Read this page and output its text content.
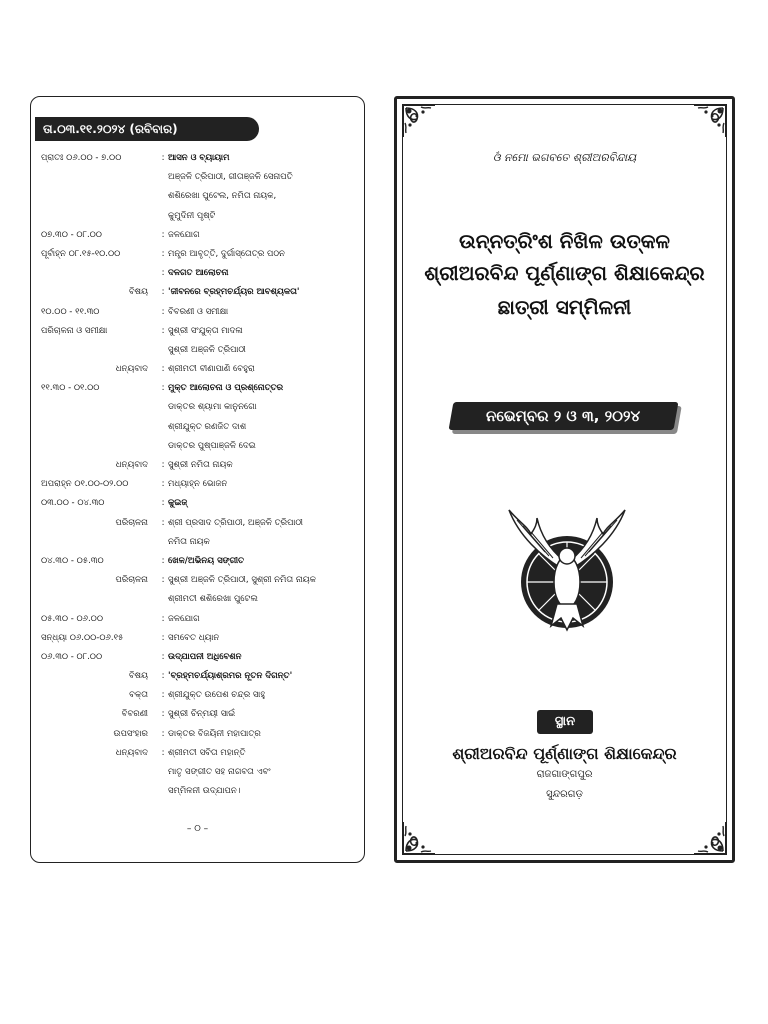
ତା.୦୩.୧୧.୨୦୨୪ (ରବିବାର)
ପ୍ରାତଃ ୦୬.୦୦ - ୭.୦୦	: ଆସନ ଓ ବ୍ୟାୟାମ
ଅଞ୍ଜଳି ତ୍ରିପାଠୀ, ଗୀତାଞ୍ଜଳି ସେନାପତି
ଶଶିରେଖା ପୁଟେଲ, ନମିତା ନାୟକ,
କୁମୁଦିନୀ ପୃଷ୍ଟି
୦୭.୩୦ - ୦୮.୦୦	: ଜଳଯୋଗ
ପୂର୍ବାହ୍ନ ୦୮.୧୫-୧୦.୦୦	: ମନ୍ତ୍ର ଆବୃତ୍ତି, ଦୁର୍ଗାସ୍ତୋତ୍ର ପଠନ
: ଦଳଗତ ଆଲୋଚନା
ବିଷୟ	: 'ଜୀବନରେ ବ୍ରହ୍ମଚର୍ଯ୍ୟର ଆବଶ୍ୟକତା'
୧୦.୦୦ - ୧୧.୩୦	: ବିବରଣୀ ଓ ସମୀକ୍ଷା
ପରିଚାଳନା ଓ ସମୀକ୍ଷା	: ସୁଶ୍ରୀ ସଂଯୁକ୍ତା ମାଦଳା
ସୁଶ୍ରୀ ଅଞ୍ଜଳି ତ୍ରିପାଠୀ
ଧନ୍ୟବାଦ	: ଶ୍ରୀମତୀ ବୀଣାପାଣି ବେହୁରା
୧୧.୩୦ - ୦୧.୦୦	: ମୁକ୍ତ ଆଲୋଚନା ଓ ପ୍ରଶ୍ନୋତ୍ତର
ଡାକ୍ତର ଶ୍ୟାମା କାନୁନଗୋ
ଶ୍ରୀଯୁକ୍ତ ରଣଜିତ ଦାଶ
ଡାକ୍ତର ପୁଷ୍ପାଞ୍ଜଳି ଦେଇ
ଧନ୍ୟବାଦ	: ସୁଶ୍ରୀ ନମିତା ନାୟକ
ଅପରାହ୍ନ ୦୧.୦୦-୦୨.୦୦	: ମଧ୍ୟାହ୍ନ ଭୋଜନ
୦୩.୦୦ - ୦୪.୩୦	: କୁଇଜ୍
ପରିଚାଳନା	: ଶ୍ରୀ ପ୍ରସାଦ ତ୍ରିପାଠୀ, ଅଞ୍ଜଳି ତ୍ରିପାଠୀ
ନମିତା ନାୟକ
୦୪.୩୦ - ୦୫.୩୦	: ଖେଳ/ଅଭିନୟ ସଙ୍ଗୀତ
ପରିଚାଳନା	: ସୁଶ୍ରୀ ଅଞ୍ଜଳି ତ୍ରିପାଠୀ, ସୁଶ୍ରୀ ନମିତା ନାୟକ
ଶ୍ରୀମତୀ ଶଶିରେଖା ପୁଟେଲ
୦୫.୩୦ - ୦୬.୦୦	: ଜଳଯୋଗ
ସନ୍ଧ୍ୟା ୦୬.୦୦-୦୬.୧୫	: ସମବେତ ଧ୍ୟାନ
୦୬.୩୦ - ୦୮.୦୦	: ଉଦ୍‌ଯାପନୀ ଅଧିବେଶନ
ବିଷୟ	: 'ବ୍ରହ୍ମଚର୍ଯ୍ୟାଶ୍ରମର ନୂତନ ଦିଗନ୍ତ'
ବକ୍ତା	: ଶ୍ରୀଯୁକ୍ତ ଉପେଶ ଚନ୍ଦ୍ର ସାହୁ
ବିବରଣୀ	: ସୁଶ୍ରୀ ଚିନ୍ମୟୀ ସାଇଁ
ଉପସଂହାର	: ଡାକ୍ତର ବିଜୟିନୀ ମହାପାତ୍ର
ଧନ୍ୟବାଦ	: ଶ୍ରୀମତୀ ସବିତା ମହାନ୍ତି
ମାତୃ ସଙ୍ଗୀତ ସହ ନାଗବତା ଏବଂ
ସମ୍ମିଳନୀ ଉଦ୍‌ଯାପନ।
– ୦ –
ଓଁ ନମୋ ଭଗବତେ ଶ୍ରୀଅରବିନ୍ଦାୟ
ଉନ୍ନତ୍ରିଂଶ ନିଖିଳ ଉତ୍କଳ
ଶ୍ରୀଅରବିନ୍ଦ ପୂର୍ଣ୍ଣାଙ୍ଗ ଶିକ୍ଷାକେନ୍ଦ୍ର
ଛାତ୍ରୀ ସମ୍ମିଳନୀ
ନଭେମ୍ବର ୨ ଓ ୩, ୨୦୨୪
ସ୍ଥାନ
ଶ୍ରୀଅରବିନ୍ଦ ପୂର୍ଣ୍ଣାଙ୍ଗ ଶିକ୍ଷାକେନ୍ଦ୍ର
ରାଜଗାଙ୍ଗପୁର
ସୁନ୍ଦରଗଡ଼
